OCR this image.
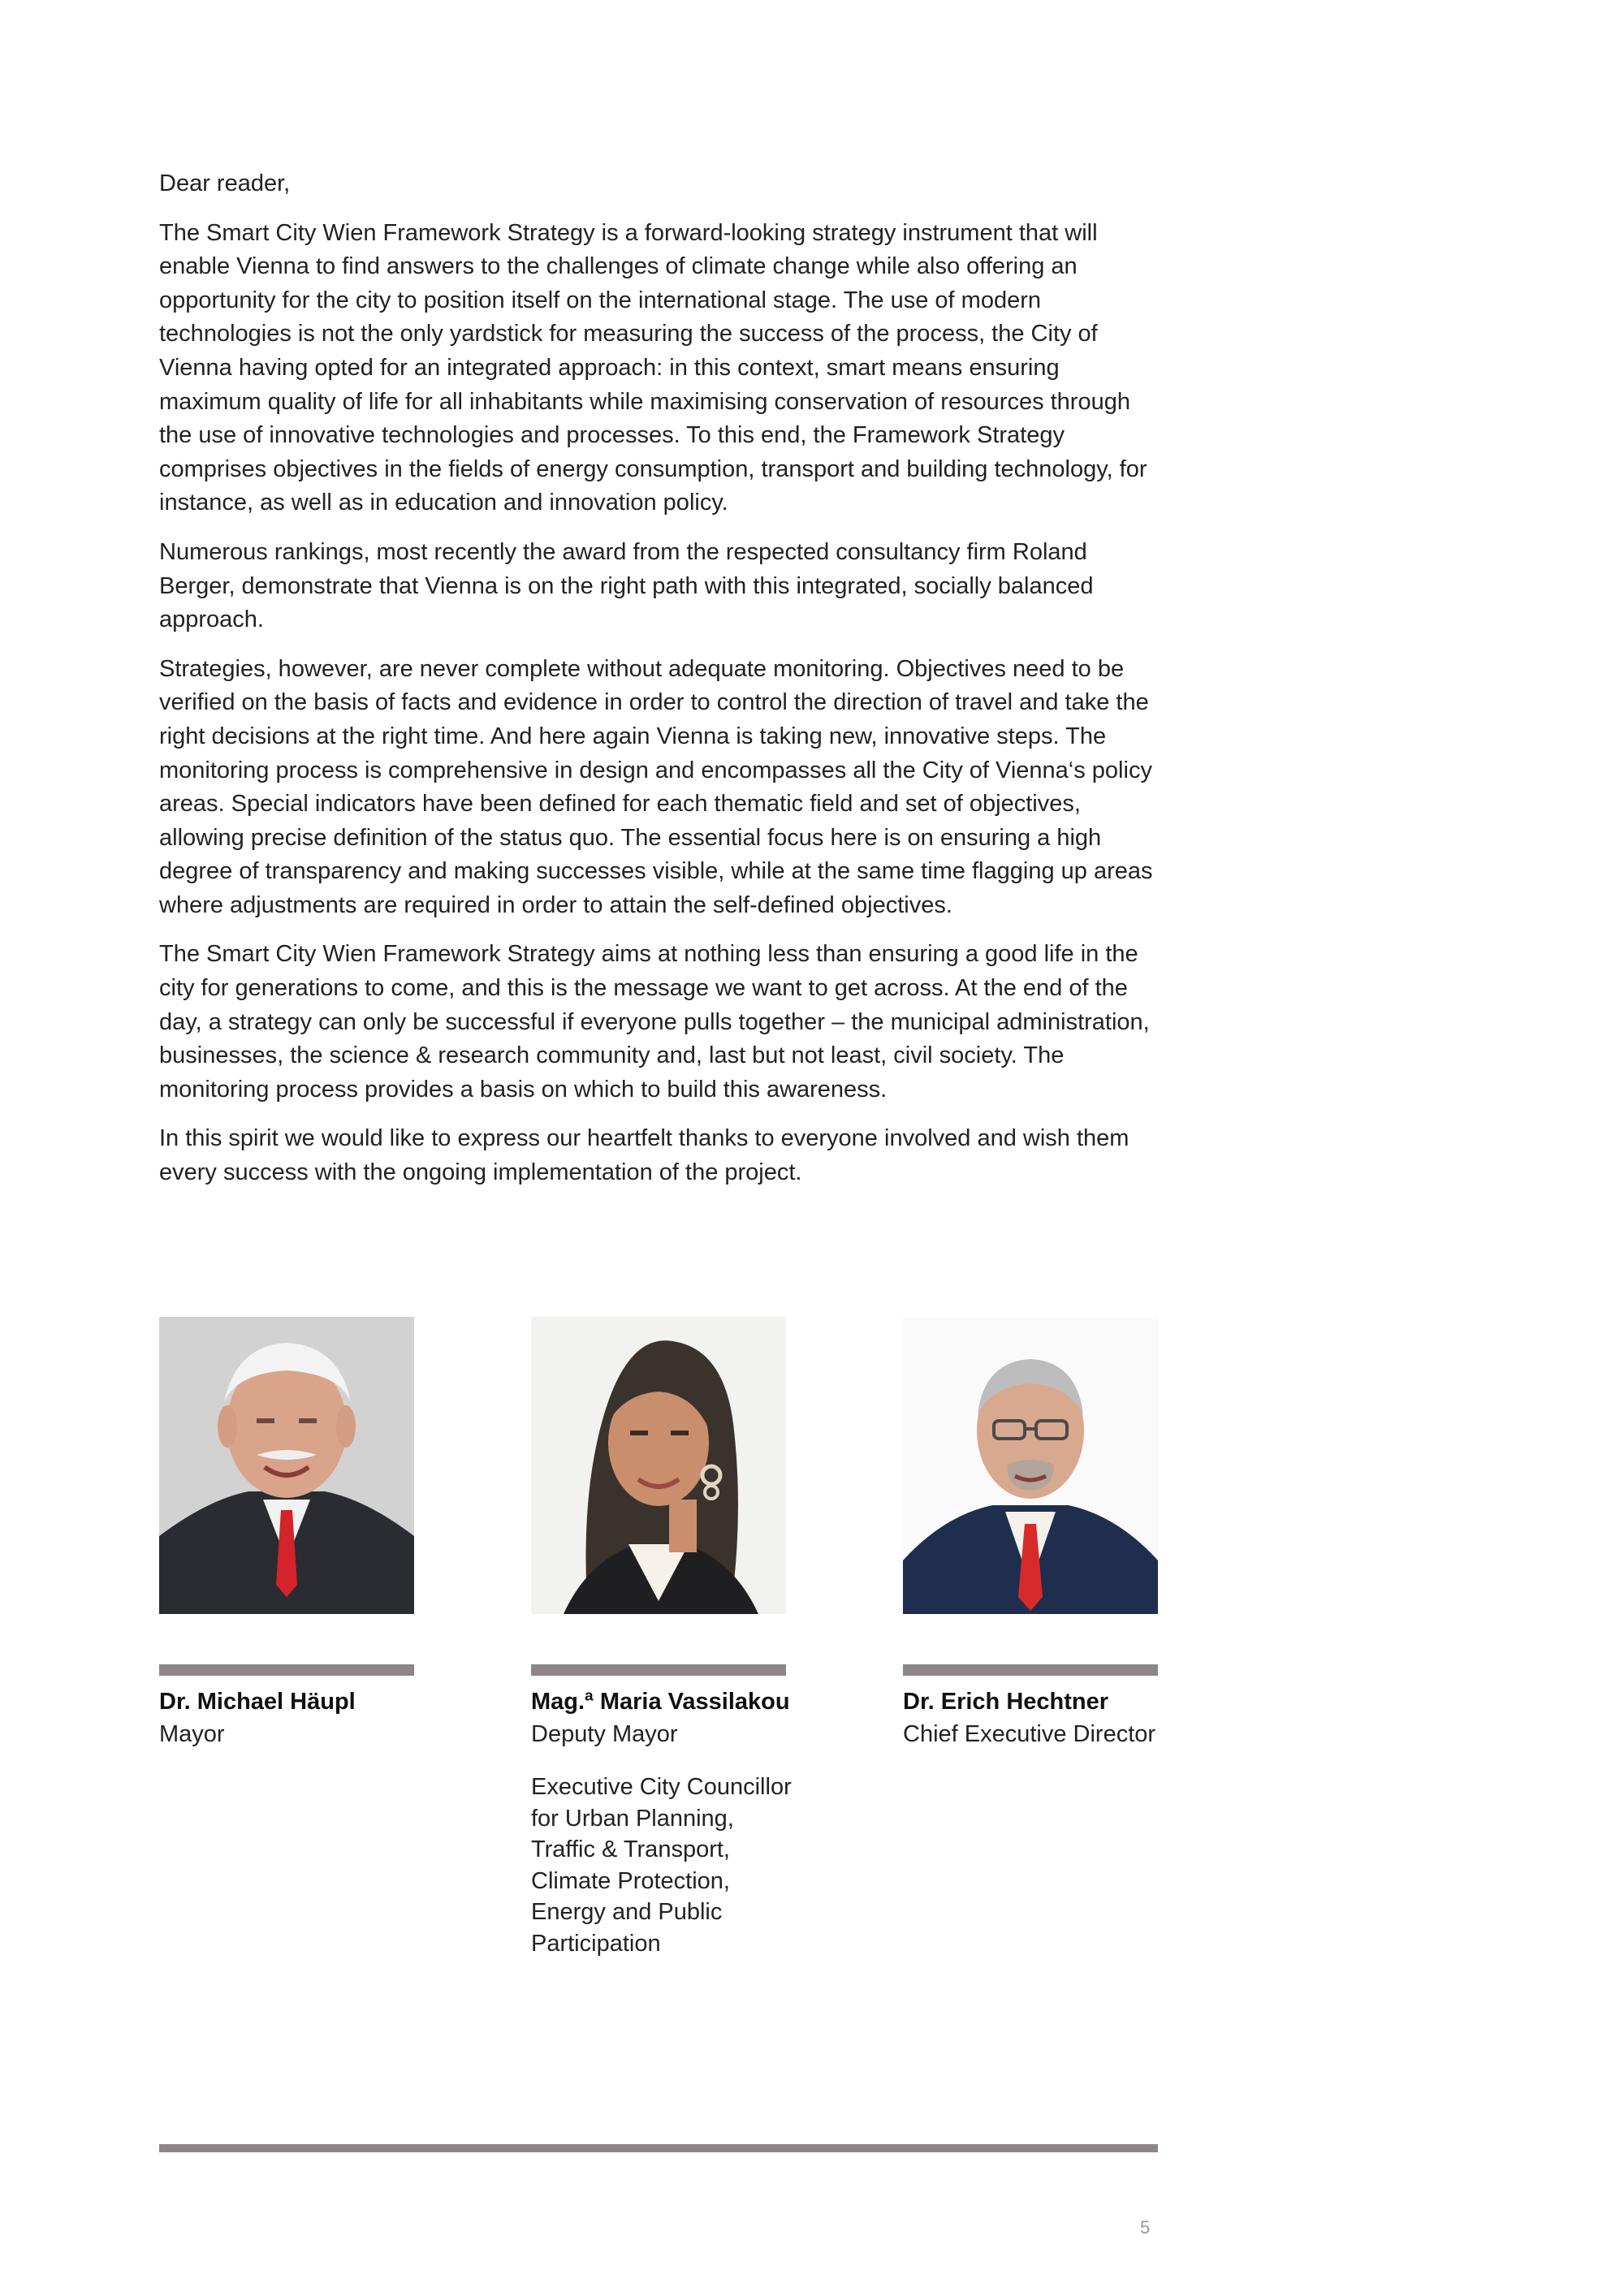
Dear reader,

The Smart City Wien Framework Strategy is a forward-looking strategy instrument that will enable Vienna to find answers to the challenges of climate change while also offering an opportunity for the city to position itself on the international stage. The use of modern technologies is not the only yardstick for measuring the success of the process, the City of Vienna having opted for an integrated approach: in this context, smart means ensuring maximum quality of life for all inhabitants while maximising conservation of resources through the use of innovative technologies and processes. To this end, the Framework Strategy comprises objectives in the fields of energy consumption, transport and building technology, for instance, as well as in education and innovation policy.

Numerous rankings, most recently the award from the respected consultancy firm Roland Berger, demonstrate that Vienna is on the right path with this integrated, socially balanced approach.

Strategies, however, are never complete without adequate monitoring. Objectives need to be verified on the basis of facts and evidence in order to control the direction of travel and take the right decisions at the right time. And here again Vienna is taking new, innovative steps. The monitoring process is comprehensive in design and encompasses all the City of Vienna‘s policy areas. Special indicators have been defined for each thematic field and set of objectives, allowing precise definition of the status quo. The essential focus here is on ensuring a high degree of transparency and making successes visible, while at the same time flagging up areas where adjustments are required in order to attain the self-defined objectives.

The Smart City Wien Framework Strategy aims at nothing less than ensuring a good life in the city for generations to come, and this is the message we want to get across. At the end of the day, a strategy can only be successful if everyone pulls together – the municipal administration, businesses, the science & research community and, last but not least, civil society. The monitoring process provides a basis on which to build this awareness.

In this spirit we would like to express our heartfelt thanks to everyone involved and wish them every success with the ongoing implementation of the project.

Dr. Michael Häupl
Mayor
Mag.ª Maria Vassilakou
Deputy Mayor
Executive City Councillor for Urban Planning, Traffic & Transport, Climate Protection, Energy and Public Participation
Dr. Erich Hechtner
Chief Executive Director
5
